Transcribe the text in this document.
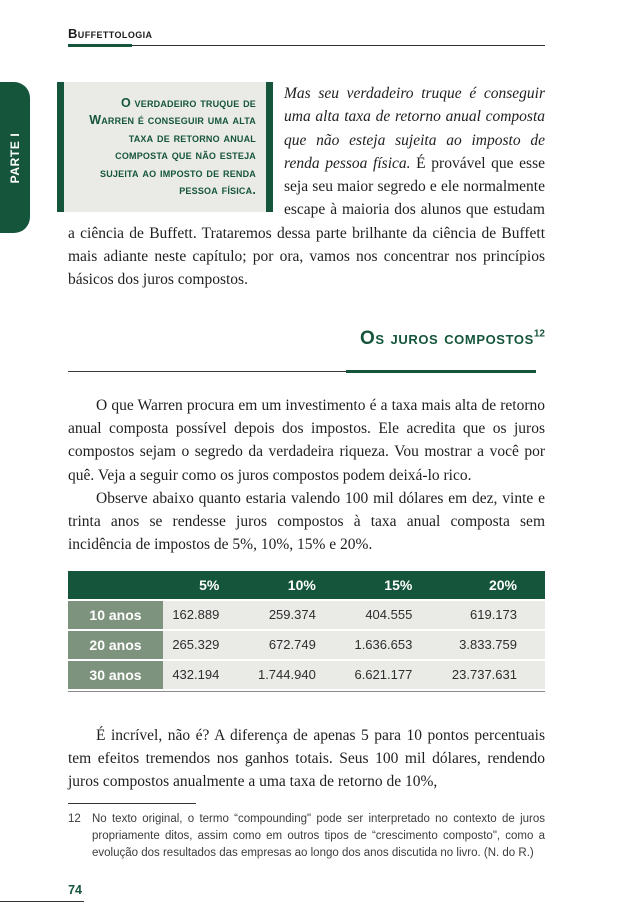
PARTE I
Buffettologia
O verdadeiro truque de Warren é conseguir uma alta taxa de retorno anual composta que não esteja sujeita ao imposto de renda pessoa física.

Mas seu verdadeiro truque é conseguir uma alta taxa de retorno anual composta que não esteja sujeita ao imposto de renda pessoa física. É provável que esse seja seu maior segredo e ele normalmente escape à maioria dos alunos que estudam a ciência de Buffett. Trataremos dessa parte brilhante da ciência de Buffett mais adiante neste capítulo; por ora, vamos nos concentrar nos princípios básicos dos juros compostos.

Os juros compostos$^{12}$

O que Warren procura em um investimento é a taxa mais alta de retorno anual composta possível depois dos impostos. Ele acredita que os juros compostos sejam o segredo da verdadeira riqueza. Vou mostrar a você por quê. Veja a seguir como os juros compostos podem deixá-lo rico.

Observe abaixo quanto estaria valendo 100 mil dólares em dez, vinte e trinta anos se rendesse juros compostos à taxa anual composta sem incidência de impostos de 5%, 10%, 15% e 20%.

	5%	10%	15%	20%
10 anos	162.889	259.374	404.555	619.173
20 anos	265.329	672.749	1.636.653	3.833.759
30 anos	432.194	1.744.940	6.621.177	23.737.631

É incrível, não é? A diferença de apenas 5 para 10 pontos percentuais tem efeitos tremendos nos ganhos totais. Seus 100 mil dólares, rendendo juros compostos anualmente a uma taxa de retorno de 10%,

12 No texto original, o termo “compounding" pode ser interpretado no contexto de juros propriamente ditos, assim como em outros tipos de “crescimento composto", como a evolução dos resultados das empresas ao longo dos anos discutida no livro. (N. do R.)
74
